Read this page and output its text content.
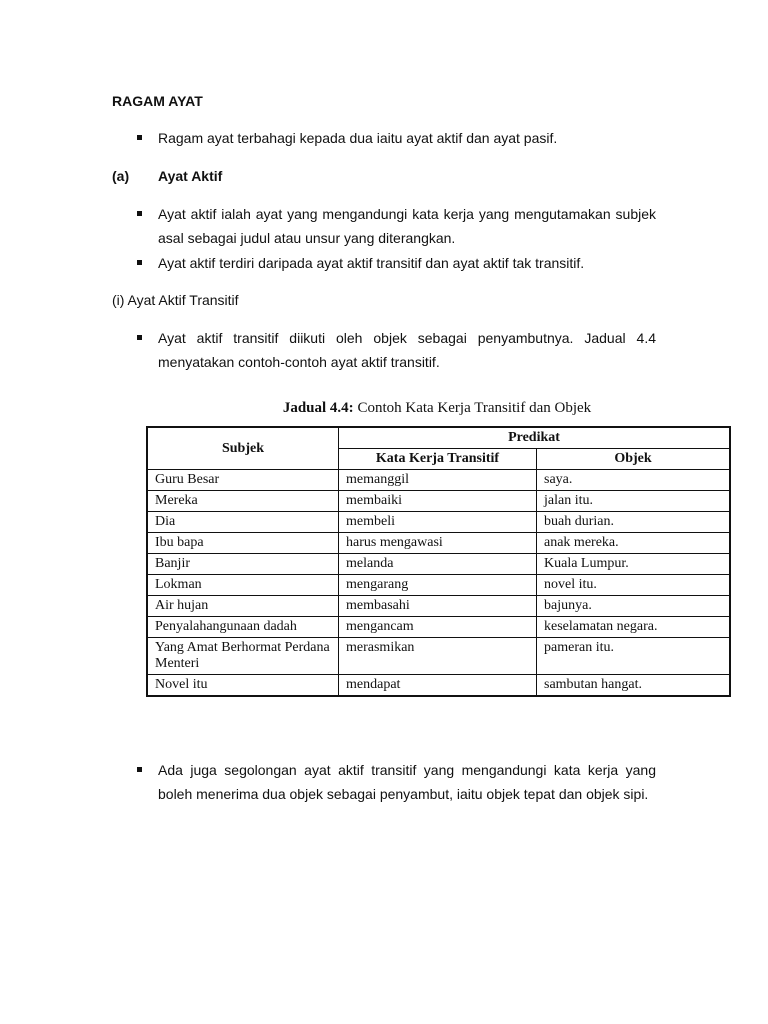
RAGAM AYAT
Ragam ayat terbahagi kepada dua iaitu ayat aktif dan ayat pasif.
(a) Ayat Aktif
Ayat aktif ialah ayat yang mengandungi kata kerja yang mengutamakan subjek asal sebagai judul atau unsur yang diterangkan.
Ayat aktif terdiri daripada ayat aktif transitif dan ayat aktif tak transitif.
(i) Ayat Aktif Transitif
Ayat aktif transitif diikuti oleh objek sebagai penyambutnya. Jadual 4.4 menyatakan contoh-contoh ayat aktif transitif.
Jadual 4.4: Contoh Kata Kerja Transitif dan Objek
Subjek	Predikat	
	Kata Kerja Transitif	Objek
Guru Besar	memanggil	saya.
Mereka	membaiki	jalan itu.
Dia	membeli	buah durian.
Ibu bapa	harus mengawasi	anak mereka.
Banjir	melanda	Kuala Lumpur.
Lokman	mengarang	novel itu.
Air hujan	membasahi	bajunya.
Penyalahangunaan dadah	mengancam	keselamatan negara.
Yang Amat Berhormat Perdana Menteri	merasmikan	pameran itu.
Novel itu	mendapat	sambutan hangat.
Ada juga segolongan ayat aktif transitif yang mengandungi kata kerja yang boleh menerima dua objek sebagai penyambut, iaitu objek tepat dan objek sipi.
